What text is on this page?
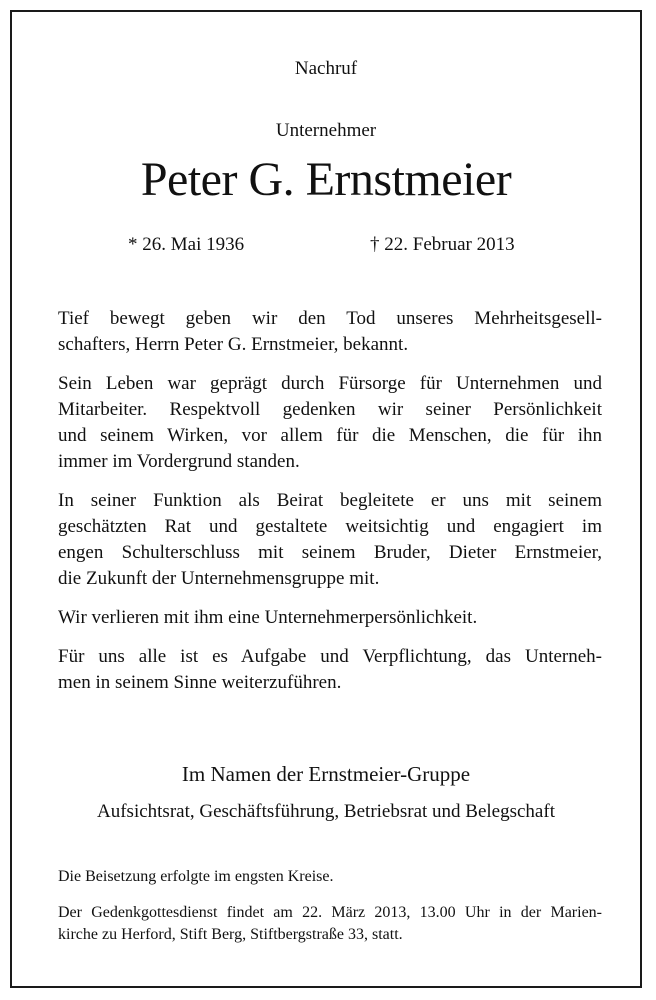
Nachruf
Unternehmer
Peter G. Ernstmeier
* 26. Mai 1936	† 22. Februar 2013

Tief bewegt geben wir den Tod unseres Mehrheitsgesell-
schafters, Herrn Peter G. Ernstmeier, bekannt.

Sein Leben war geprägt durch Fürsorge für Unternehmen und
Mitarbeiter. Respektvoll gedenken wir seiner Persönlichkeit
und seinem Wirken, vor allem für die Menschen, die für ihn
immer im Vordergrund standen.

In seiner Funktion als Beirat begleitete er uns mit seinem
geschätzten Rat und gestaltete weitsichtig und engagiert im
engen Schulterschluss mit seinem Bruder, Dieter Ernstmeier,
die Zukunft der Unternehmensgruppe mit.

Wir verlieren mit ihm eine Unternehmerpersönlichkeit.

Für uns alle ist es Aufgabe und Verpflichtung, das Unterneh-
men in seinem Sinne weiterzuführen.

Im Namen der Ernstmeier-Gruppe
Aufsichtsrat, Geschäftsführung, Betriebsrat und Belegschaft
Die Beisetzung erfolgte im engsten Kreise.
Der Gedenkgottesdienst findet am 22. März 2013, 13.00 Uhr in der Marien-
kirche zu Herford, Stift Berg, Stiftbergstraße 33, statt.
